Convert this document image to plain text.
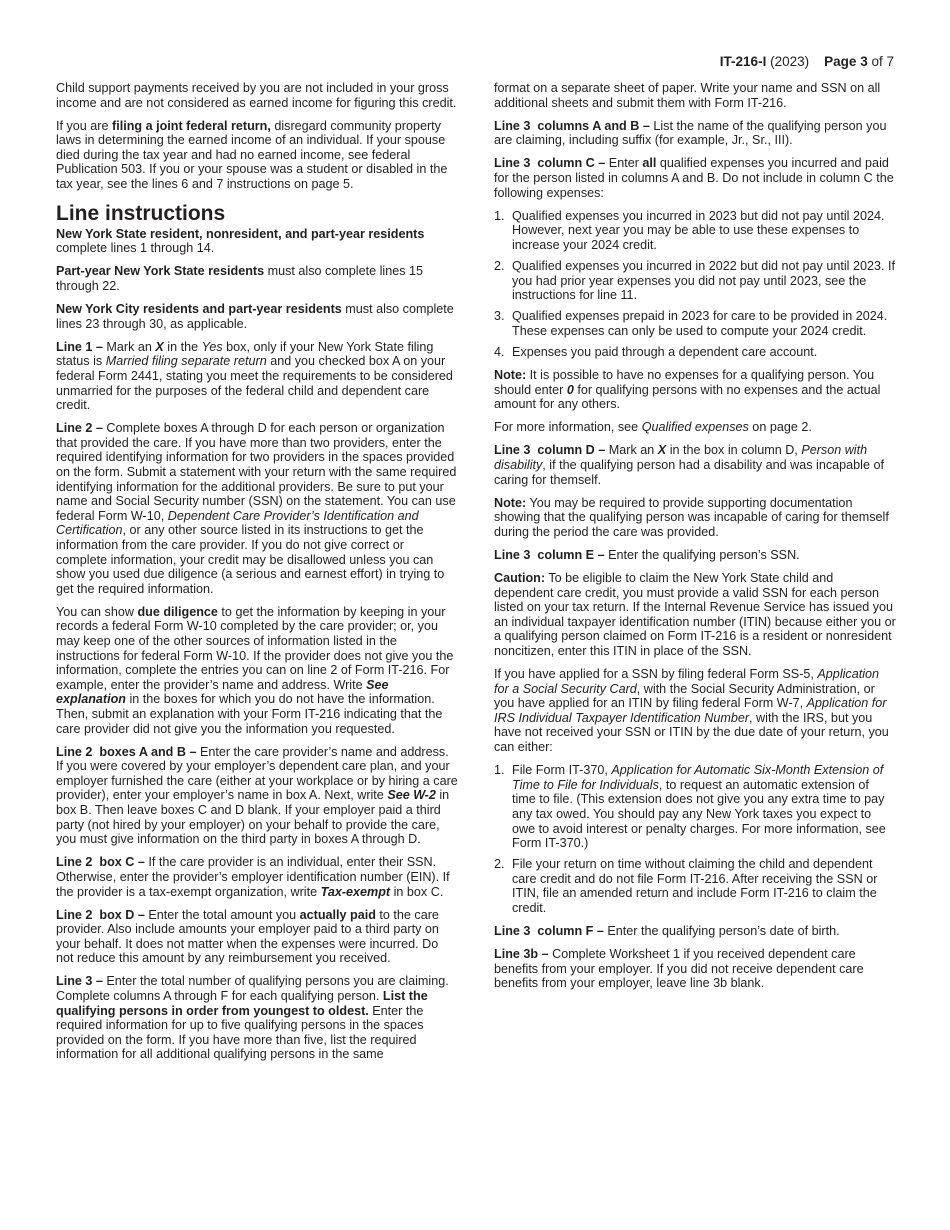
IT-216-I (2023) Page 3 of 7

Child support payments received by you are not included in your gross income and are not considered as earned income for figuring this credit.

If you are filing a joint federal return, disregard community property laws in determining the earned income of an individual. If your spouse died during the tax year and had no earned income, see federal Publication 503. If you or your spouse was a student or disabled in the tax year, see the lines 6 and 7 instructions on page 5.

Line instructions

New York State resident, nonresident, and part-year residents complete lines 1 through 14.

Part-year New York State residents must also complete lines 15 through 22.

New York City residents and part-year residents must also complete lines 23 through 30, as applicable.

Line 1 – Mark an X in the Yes box, only if your New York State filing status is Married filing separate return and you checked box A on your federal Form 2441, stating you meet the requirements to be considered unmarried for the purposes of the federal child and dependent care credit.

Line 2 – Complete boxes A through D for each person or organization that provided the care. If you have more than two providers, enter the required identifying information for two providers in the spaces provided on the form. Submit a statement with your return with the same required identifying information for the additional providers. Be sure to put your name and Social Security number (SSN) on the statement. You can use federal Form W-10, Dependent Care Provider’s Identification and Certification, or any other source listed in its instructions to get the information from the care provider. If you do not give correct or complete information, your credit may be disallowed unless you can show you used due diligence (a serious and earnest effort) in trying to get the required information.

You can show due diligence to get the information by keeping in your records a federal Form W-10 completed by the care provider; or, you may keep one of the other sources of information listed in the instructions for federal Form W-10. If the provider does not give you the information, complete the entries you can on line 2 of Form IT-216. For example, enter the provider’s name and address. Write See explanation in the boxes for which you do not have the information. Then, submit an explanation with your Form IT-216 indicating that the care provider did not give you the information you requested.

Line 2 boxes A and B – Enter the care provider’s name and address. If you were covered by your employer’s dependent care plan, and your employer furnished the care (either at your workplace or by hiring a care provider), enter your employer’s name in box A. Next, write See W-2 in box B. Then leave boxes C and D blank. If your employer paid a third party (not hired by your employer) on your behalf to provide the care, you must give information on the third party in boxes A through D.

Line 2 box C – If the care provider is an individual, enter their SSN. Otherwise, enter the provider’s employer identification number (EIN). If the provider is a tax-exempt organization, write Tax-exempt in box C.

Line 2 box D – Enter the total amount you actually paid to the care provider. Also include amounts your employer paid to a third party on your behalf. It does not matter when the expenses were incurred. Do not reduce this amount by any reimbursement you received.

Line 3 – Enter the total number of qualifying persons you are claiming. Complete columns A through F for each qualifying person. List the qualifying persons in order from youngest to oldest. Enter the required information for up to five qualifying persons in the spaces provided on the form. If you have more than five, list the required information for all additional qualifying persons in the same

format on a separate sheet of paper. Write your name and SSN on all additional sheets and submit them with Form IT-216.

Line 3 columns A and B – List the name of the qualifying person you are claiming, including suffix (for example, Jr., Sr., III).

Line 3 column C – Enter all qualified expenses you incurred and paid for the person listed in columns A and B. Do not include in column C the following expenses:

1. Qualified expenses you incurred in 2023 but did not pay until 2024. However, next year you may be able to use these expenses to increase your 2024 credit.
2. Qualified expenses you incurred in 2022 but did not pay until 2023. If you had prior year expenses you did not pay until 2023, see the instructions for line 11.
3. Qualified expenses prepaid in 2023 for care to be provided in 2024. These expenses can only be used to compute your 2024 credit.
4. Expenses you paid through a dependent care account.

Note: It is possible to have no expenses for a qualifying person. You should enter 0 for qualifying persons with no expenses and the actual amount for any others.

For more information, see Qualified expenses on page 2.

Line 3 column D – Mark an X in the box in column D, Person with disability, if the qualifying person had a disability and was incapable of caring for themself.

Note: You may be required to provide supporting documentation showing that the qualifying person was incapable of caring for themself during the period the care was provided.

Line 3 column E – Enter the qualifying person’s SSN.

Caution: To be eligible to claim the New York State child and dependent care credit, you must provide a valid SSN for each person listed on your tax return. If the Internal Revenue Service has issued you an individual taxpayer identification number (ITIN) because either you or a qualifying person claimed on Form IT-216 is a resident or nonresident noncitizen, enter this ITIN in place of the SSN.

If you have applied for a SSN by filing federal Form SS-5, Application for a Social Security Card, with the Social Security Administration, or you have applied for an ITIN by filing federal Form W-7, Application for IRS Individual Taxpayer Identification Number, with the IRS, but you have not received your SSN or ITIN by the due date of your return, you can either:

1. File Form IT-370, Application for Automatic Six-Month Extension of Time to File for Individuals, to request an automatic extension of time to file. (This extension does not give you any extra time to pay any tax owed. You should pay any New York taxes you expect to owe to avoid interest or penalty charges. For more information, see Form IT-370.)
2. File your return on time without claiming the child and dependent care credit and do not file Form IT-216. After receiving the SSN or ITIN, file an amended return and include Form IT-216 to claim the credit.

Line 3 column F – Enter the qualifying person’s date of birth.

Line 3b – Complete Worksheet 1 if you received dependent care benefits from your employer. If you did not receive dependent care benefits from your employer, leave line 3b blank.
